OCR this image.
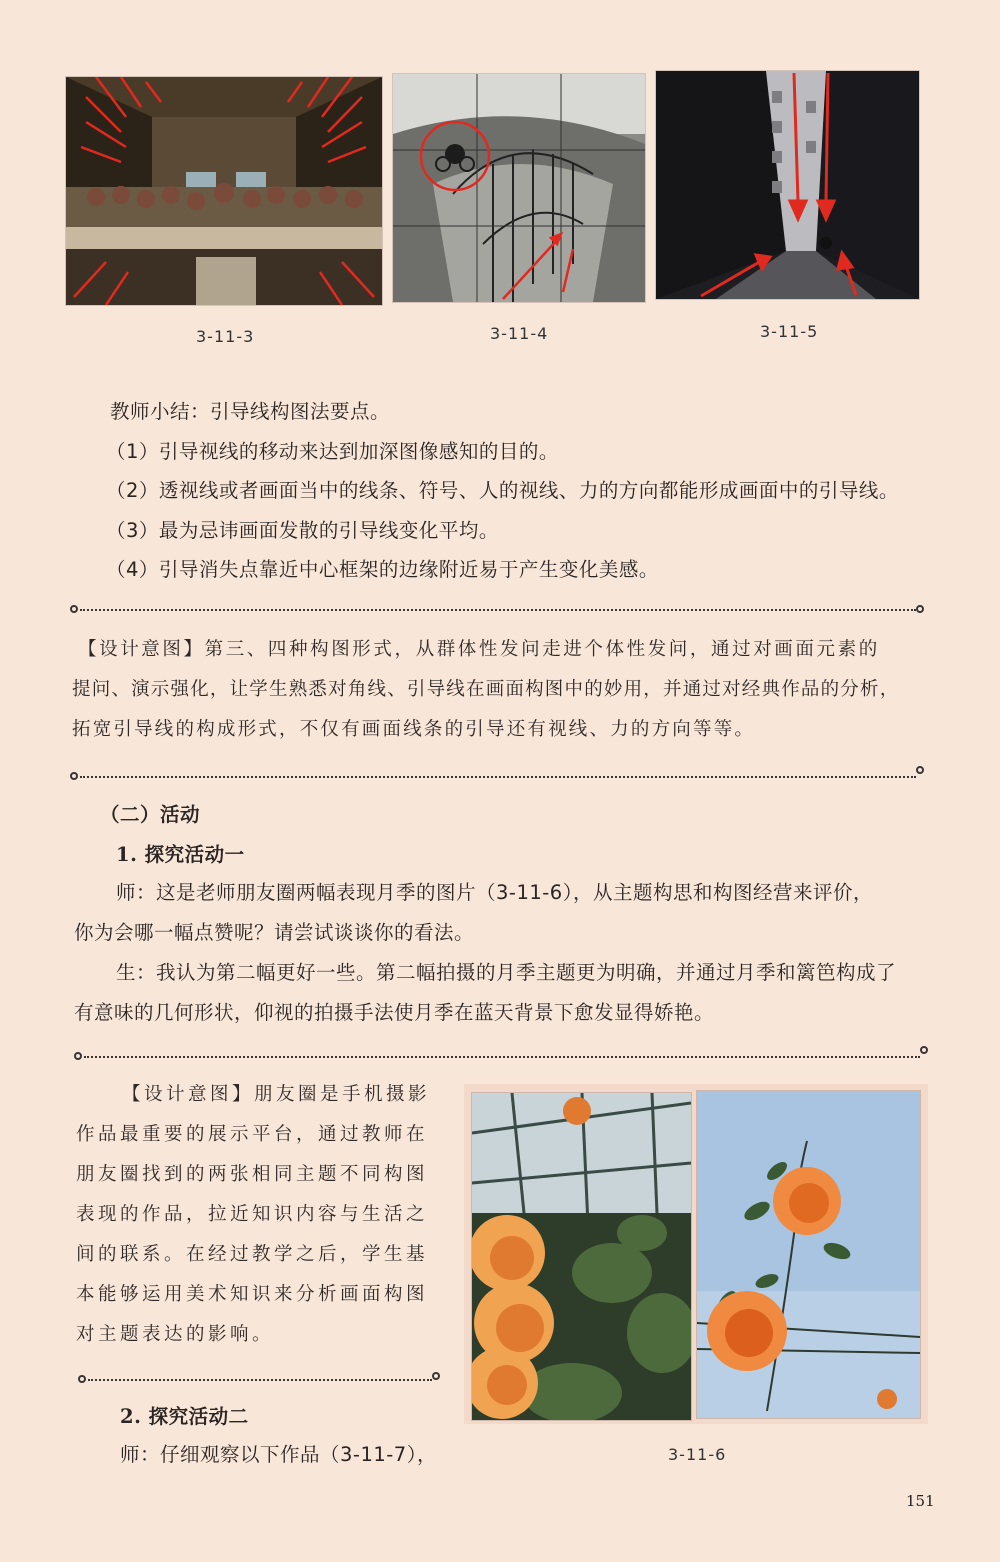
3-11-3	3-11-4	3-11-5
教师小结：引导线构图法要点。
（1）引导视线的移动来达到加深图像感知的目的。
（2）透视线或者画面当中的线条、符号、人的视线、力的方向都能形成画面中的引导线。
（3）最为忌讳画面发散的引导线变化平均。
（4）引导消失点靠近中心框架的边缘附近易于产生变化美感。
【设计意图】第三、四种构图形式，从群体性发问走进个体性发问，通过对画面元素的
提问、演示强化，让学生熟悉对角线、引导线在画面构图中的妙用，并通过对经典作品的分析，
拓宽引导线的构成形式，不仅有画面线条的引导还有视线、力的方向等等。
（二）活动
1. 探究活动一
师：这是老师朋友圈两幅表现月季的图片（3-11-6），从主题构思和构图经营来评价，
你为会哪一幅点赞呢？请尝试谈谈你的看法。
生：我认为第二幅更好一些。第二幅拍摄的月季主题更为明确，并通过月季和篱笆构成了
有意味的几何形状，仰视的拍摄手法使月季在蓝天背景下愈发显得娇艳。
【设计意图】朋友圈是手机摄影
作品最重要的展示平台，通过教师在
朋友圈找到的两张相同主题不同构图
表现的作品，拉近知识内容与生活之
间的联系。在经过教学之后，学生基
本能够运用美术知识来分析画面构图
对主题表达的影响。
2. 探究活动二
师：仔细观察以下作品（3-11-7），	3-11-6
151
